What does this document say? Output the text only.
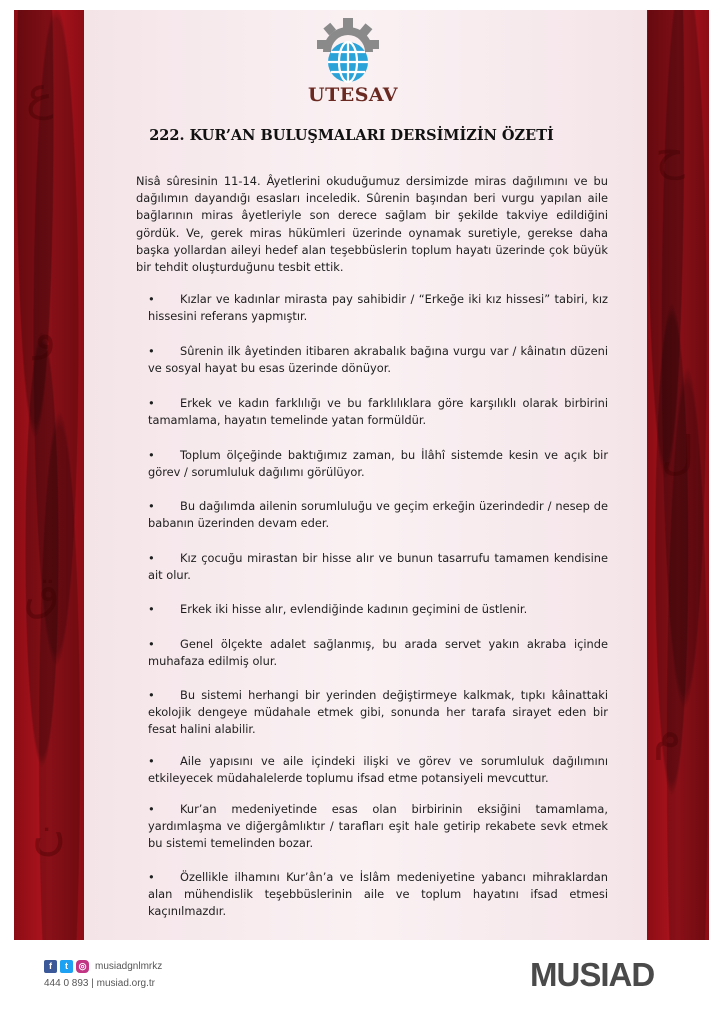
ع
و
ق
ن
ح
ل
م
UTESAV
222. KUR’AN BULUŞMALARI DERSİMİZİN ÖZETİ

Nisâ sûresinin 11-14. Âyetlerini okuduğumuz dersimizde miras dağılımını ve bu dağılımın dayandığı esasları inceledik. Sûrenin başından beri vurgu yapılan aile bağlarının miras âyetleriyle son derece sağlam bir şekilde takviye edildiğini gördük. Ve, gerek miras hükümleri üzerinde oynamak suretiyle, gerekse daha başka yollardan aileyi hedef alan teşebbüslerin toplum hayatı üzerinde çok büyük bir tehdit oluşturduğunu tesbit ettik.

• Kızlar ve kadınlar mirasta pay sahibidir / “Erkeğe iki kız hissesi” tabiri, kız hissesini referans yapmıştır.
• Sûrenin ilk âyetinden itibaren akrabalık bağına vurgu var / kâinatın düzeni ve sosyal hayat bu esas üzerinde dönüyor.
• Erkek ve kadın farklılığı ve bu farklılıklara göre karşılıklı olarak birbirini tamamlama, hayatın temelinde yatan formüldür.
• Toplum ölçeğinde baktığımız zaman, bu İlâhî sistemde kesin ve açık bir görev / sorumluluk dağılımı görülüyor.
• Bu dağılımda ailenin sorumluluğu ve geçim erkeğin üzerindedir / nesep de babanın üzerinden devam eder.
• Kız çocuğu mirastan bir hisse alır ve bunun tasarrufu tamamen kendisine ait olur.
• Erkek iki hisse alır, evlendiğinde kadının geçimini de üstlenir.
• Genel ölçekte adalet sağlanmış, bu arada servet yakın akraba içinde muhafaza edilmiş olur.
• Bu sistemi herhangi bir yerinden değiştirmeye kalkmak, tıpkı kâinattaki ekolojik dengeye müdahale etmek gibi, sonunda her tarafa sirayet eden bir fesat halini alabilir.
• Aile yapısını ve aile içindeki ilişki ve görev ve sorumluluk dağılımını etkileyecek müdahalelerde toplumu ifsad etme potansiyeli mevcuttur.
• Kur’an medeniyetinde esas olan birbirinin eksiğini tamamlama, yardımlaşma ve diğergâmlıktır / tarafları eşit hale getirip rekabete sevk etmek bu sistemi temelinden bozar.
• Özellikle ilhamını Kur’ân’a ve İslâm medeniyetine yabancı mihraklardan alan mühendislik teşebbüslerinin aile ve toplum hayatını ifsad etmesi kaçınılmazdır.
f	t	◎ musiadgnlmrkz
444 0 893 | musiad.org.tr	MUSIAD
